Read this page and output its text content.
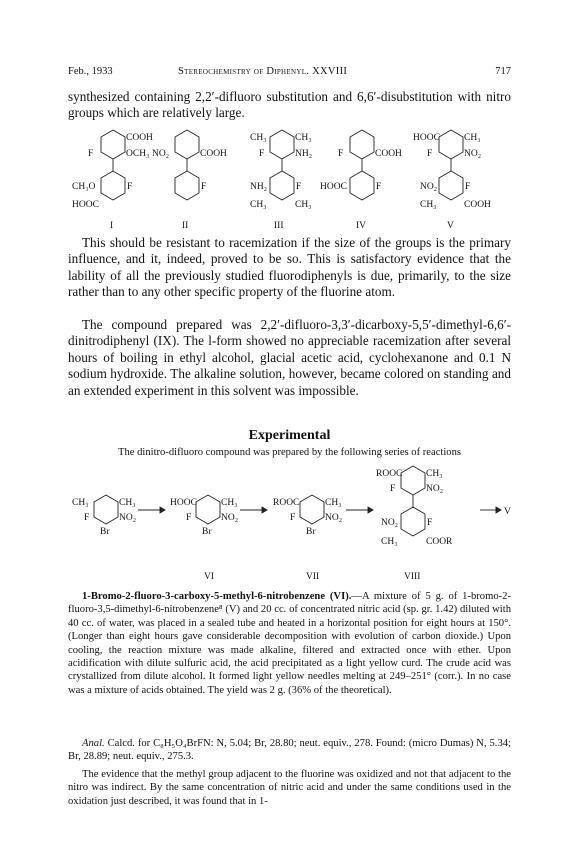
Feb., 1933	Stereochemistry of Diphenyl. XXVIII	717

synthesized containing 2,2′-difluoro substitution and 6,6′-disubstitution with nitro groups which are relatively large.

COOH
F	OCH₃
CH₃O	F
HOOC
I
NO₂	COOH
F
II
CH₃	CH₃
F	NH₂
NH₂	F
CH₃	CH₃
III
F	COOH
HOOC	F
IV
HOOC	CH₃
F	NO₂
NO₂	F
CH₃	COOH
V

This should be resistant to racemization if the size of the groups is the primary influence, and it, indeed, proved to be so. This is satisfactory evidence that the lability of all the previously studied fluorodiphenyls is due, primarily, to the size rather than to any other specific property of the fluorine atom.

The compound prepared was 2,2′-difluoro-3,3′-dicarboxy-5,5′-dimethyl-6,6′-dinitrodiphenyl (IX). The l-form showed no appreciable racemization after several hours of boiling in ethyl alcohol, glacial acetic acid, cyclohexanone and 0.1 N sodium hydroxide. The alkaline solution, however, became colored on standing and an extended experiment in this solvent was impossible.

Experimental

The dinitro-difluoro compound was prepared by the following series of reactions

CH₃	CH₃
F	NO₂
Br
HOOC	CH₃
F	NO₂
Br
VI
ROOC	CH₃
F	NO₂
Br
VII
ROOC CH₃
F	NO₂
NO₂	F
CH₃	COOR
VIII
V

1-Bromo-2-fluoro-3-carboxy-5-methyl-6-nitrobenzene (VI).—A mixture of 5 g. of 1-bromo-2-fluoro-3,5-dimethyl-6-nitrobenzene⁸ (V) and 20 cc. of concentrated nitric acid (sp. gr. 1.42) diluted with 40 cc. of water, was placed in a sealed tube and heated in a horizontal position for eight hours at 150°. (Longer than eight hours gave considerable decomposition with evolution of carbon dioxide.) Upon cooling, the reaction mixture was made alkaline, filtered and extracted once with ether. Upon acidification with dilute sulfuric acid, the acid precipitated as a light yellow curd. The crude acid was crystallized from dilute alcohol. It formed light yellow needles melting at 249–251° (corr.). In no case was a mixture of acids obtained. The yield was 2 g. (36% of the theoretical).

Anal. Calcd. for C₈H₅O₄BrFN: N, 5.04; Br, 28.80; neut. equiv., 278. Found: (micro Dumas) N, 5.34; Br, 28.89; neut. equiv., 275.3.

The evidence that the methyl group adjacent to the fluorine was oxidized and not that adjacent to the nitro was indirect. By the same concentration of nitric acid and under the same conditions used in the oxidation just described, it was found that in 1-
